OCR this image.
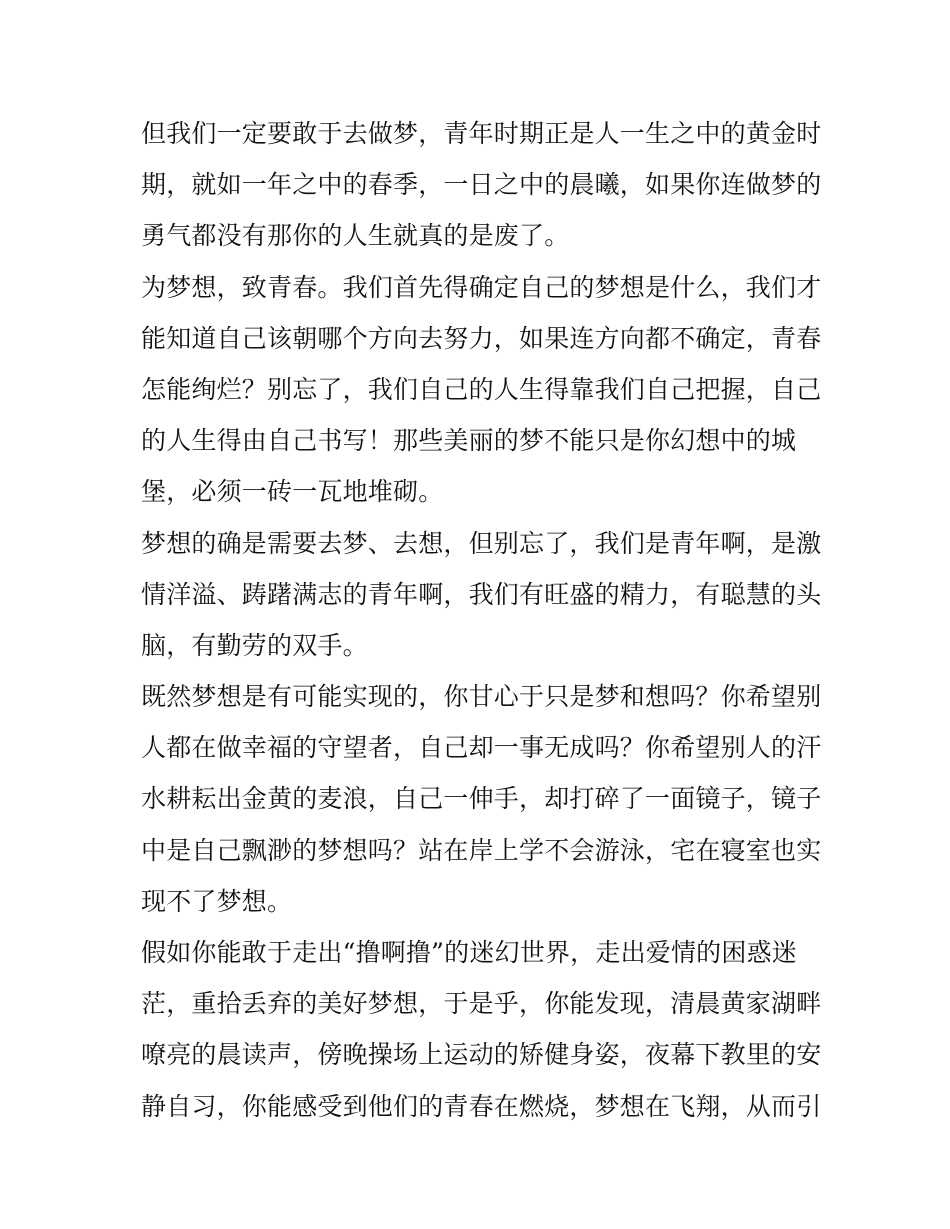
但我们一定要敢于去做梦，青年时期正是人一生之中的黄金时
期，就如一年之中的春季，一日之中的晨曦，如果你连做梦的
勇气都没有那你的人生就真的是废了。
为梦想，致青春。我们首先得确定自己的梦想是什么，我们才
能知道自己该朝哪个方向去努力，如果连方向都不确定，青春
怎能绚烂？别忘了，我们自己的人生得靠我们自己把握，自己
的人生得由自己书写！那些美丽的梦不能只是你幻想中的城
堡，必须一砖一瓦地堆砌。
梦想的确是需要去梦、去想，但别忘了，我们是青年啊，是激
情洋溢、踌躇满志的青年啊，我们有旺盛的精力，有聪慧的头
脑，有勤劳的双手。
既然梦想是有可能实现的，你甘心于只是梦和想吗？你希望别
人都在做幸福的守望者，自己却一事无成吗？你希望别人的汗
水耕耘出金黄的麦浪，自己一伸手，却打碎了一面镜子，镜子
中是自己飘渺的梦想吗？站在岸上学不会游泳，宅在寝室也实
现不了梦想。
假如你能敢于走出“撸啊撸”的迷幻世界，走出爱情的困惑迷
茫，重拾丢弃的美好梦想，于是乎，你能发现，清晨黄家湖畔
嘹亮的晨读声，傍晚操场上运动的矫健身姿，夜幕下教里的安
静自习，你能感受到他们的青春在燃烧，梦想在飞翔，从而引
